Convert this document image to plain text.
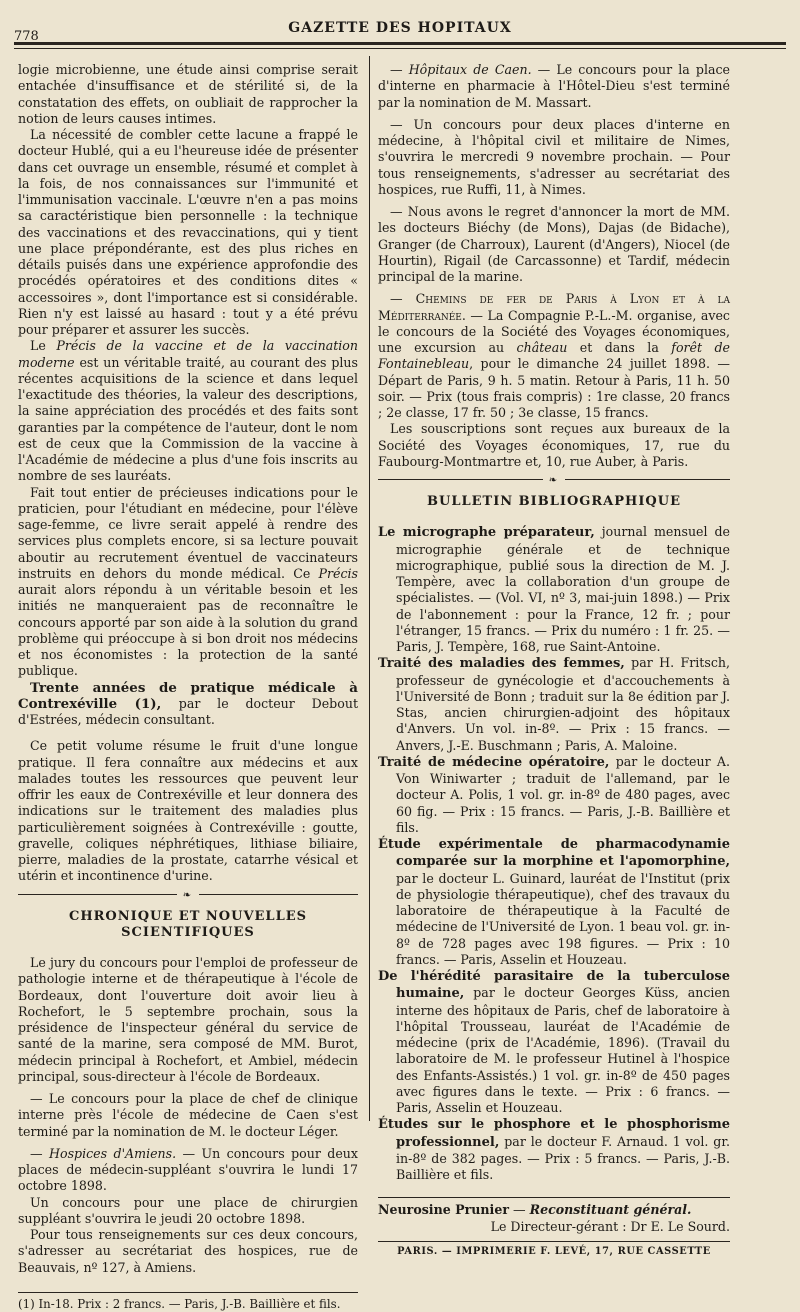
778
GAZETTE DES HOPITAUX

logie microbienne, une étude ainsi comprise serait entachée d'insuffisance et de stérilité si, de la constatation des effets, on oubliait de rapprocher la notion de leurs causes intimes.

La nécessité de combler cette lacune a frappé le docteur Hublé, qui a eu l'heureuse idée de présenter dans cet ouvrage un ensemble, résumé et complet à la fois, de nos connaissances sur l'immunité et l'immunisation vaccinale. L'œuvre n'en a pas moins sa caractéristique bien personnelle : la technique des vaccinations et des revaccinations, qui y tient une place prépondérante, est des plus riches en détails puisés dans une expérience approfondie des procédés opératoires et des conditions dites « accessoires », dont l'importance est si considérable. Rien n'y est laissé au hasard : tout y a été prévu pour préparer et assurer les succès.

Le Précis de la vaccine et de la vaccination moderne est un véritable traité, au courant des plus récentes acquisitions de la science et dans lequel l'exactitude des théories, la valeur des descriptions, la saine appréciation des procédés et des faits sont garanties par la compétence de l'auteur, dont le nom est de ceux que la Commission de la vaccine à l'Académie de médecine a plus d'une fois inscrits au nombre de ses lauréats.

Fait tout entier de précieuses indications pour le praticien, pour l'étudiant en médecine, pour l'élève sage-femme, ce livre serait appelé à rendre des services plus complets encore, si sa lecture pouvait aboutir au recrutement éventuel de vaccinateurs instruits en dehors du monde médical. Ce Précis aurait alors répondu à un véritable besoin et les initiés ne manqueraient pas de reconnaître le concours apporté par son aide à la solution du grand problème qui préoccupe à si bon droit nos médecins et nos économistes : la protection de la santé publique.

Trente années de pratique médicale à Contrexéville (1), par le docteur Debout d'Estrées, médecin consultant.

Ce petit volume résume le fruit d'une longue pratique. Il fera connaître aux médecins et aux malades toutes les ressources que peuvent leur offrir les eaux de Contrexéville et leur donnera des indications sur le traitement des maladies plus particulièrement soignées à Contrexéville : goutte, gravelle, coliques néphrétiques, lithiase biliaire, pierre, maladies de la prostate, catarrhe vésical et utérin et incontinence d'urine.

❧
CHRONIQUE ET NOUVELLES SCIENTIFIQUES

Le jury du concours pour l'emploi de professeur de pathologie interne et de thérapeutique à l'école de Bordeaux, dont l'ouverture doit avoir lieu à Rochefort, le 5 septembre prochain, sous la présidence de l'inspecteur général du service de santé de la marine, sera composé de MM. Burot, médecin principal à Rochefort, et Ambiel, médecin principal, sous-directeur à l'école de Bordeaux.

— Le concours pour la place de chef de clinique interne près l'école de médecine de Caen s'est terminé par la nomination de M. le docteur Léger.

— Hospices d'Amiens. — Un concours pour deux places de médecin-suppléant s'ouvrira le lundi 17 octobre 1898.

Un concours pour une place de chirurgien suppléant s'ouvrira le jeudi 20 octobre 1898.

Pour tous renseignements sur ces deux concours, s'adresser au secrétariat des hospices, rue de Beauvais, nº 127, à Amiens.

(1) In-18. Prix : 2 francs. — Paris, J.-B. Baillière et fils.

— Hôpitaux de Caen. — Le concours pour la place d'interne en pharmacie à l'Hôtel-Dieu s'est terminé par la nomination de M. Massart.

— Un concours pour deux places d'interne en médecine, à l'hôpital civil et militaire de Nimes, s'ouvrira le mercredi 9 novembre prochain. — Pour tous renseignements, s'adresser au secrétariat des hospices, rue Ruffi, 11, à Nimes.

— Nous avons le regret d'annoncer la mort de MM. les docteurs Biéchy (de Mons), Dajas (de Bidache), Granger (de Charroux), Laurent (d'Angers), Niocel (de Hourtin), Rigail (de Carcassonne) et Tardif, médecin principal de la marine.

— Chemins de fer de Paris à Lyon et à la Méditerranée. — La Compagnie P.-L.-M. organise, avec le concours de la Société des Voyages économiques, une excursion au château et dans la forêt de Fontainebleau, pour le dimanche 24 juillet 1898. — Départ de Paris, 9 h. 5 matin. Retour à Paris, 11 h. 50 soir. — Prix (tous frais compris) : 1re classe, 20 francs ; 2e classe, 17 fr. 50 ; 3e classe, 15 francs.

Les souscriptions sont reçues aux bureaux de la Société des Voyages économiques, 17, rue du Faubourg-Montmartre et, 10, rue Auber, à Paris.

❧
BULLETIN BIBLIOGRAPHIQUE

Le micrographe préparateur, journal mensuel de micrographie générale et de technique micrographique, publié sous la direction de M. J. Tempère, avec la collaboration d'un groupe de spécialistes. — (Vol. VI, nº 3, mai-juin 1898.) — Prix de l'abonnement : pour la France, 12 fr. ; pour l'étranger, 15 francs. — Prix du numéro : 1 fr. 25. — Paris, J. Tempère, 168, rue Saint-Antoine.

Traité des maladies des femmes, par H. Fritsch, professeur de gynécologie et d'accouchements à l'Université de Bonn ; traduit sur la 8e édition par J. Stas, ancien chirurgien-adjoint des hôpitaux d'Anvers. Un vol. in-8º. — Prix : 15 francs. — Anvers, J.-E. Buschmann ; Paris, A. Maloine.

Traité de médecine opératoire, par le docteur A. Von Winiwarter ; traduit de l'allemand, par le docteur A. Polis, 1 vol. gr. in-8º de 480 pages, avec 60 fig. — Prix : 15 francs. — Paris, J.-B. Baillière et fils.

Étude expérimentale de pharmacodynamie comparée sur la morphine et l'apomorphine, par le docteur L. Guinard, lauréat de l'Institut (prix de physiologie thérapeutique), chef des travaux du laboratoire de thérapeutique à la Faculté de médecine de l'Université de Lyon. 1 beau vol. gr. in-8º de 728 pages avec 198 figures. — Prix : 10 francs. — Paris, Asselin et Houzeau.

De l'hérédité parasitaire de la tuberculose humaine, par le docteur Georges Küss, ancien interne des hôpitaux de Paris, chef de laboratoire à l'hôpital Trousseau, lauréat de l'Académie de médecine (prix de l'Académie, 1896). (Travail du laboratoire de M. le professeur Hutinel à l'hospice des Enfants-Assistés.) 1 vol. gr. in-8º de 450 pages avec figures dans le texte. — Prix : 6 francs. — Paris, Asselin et Houzeau.

Études sur le phosphore et le phosphorisme professionnel, par le docteur F. Arnaud. 1 vol. gr. in-8º de 382 pages. — Prix : 5 francs. — Paris, J.-B. Baillière et fils.

Neurosine Prunier — Reconstituant général.

Le Directeur-gérant : Dr E. Le Sourd.

PARIS. — IMPRIMERIE F. LEVÉ, 17, RUE CASSETTE
